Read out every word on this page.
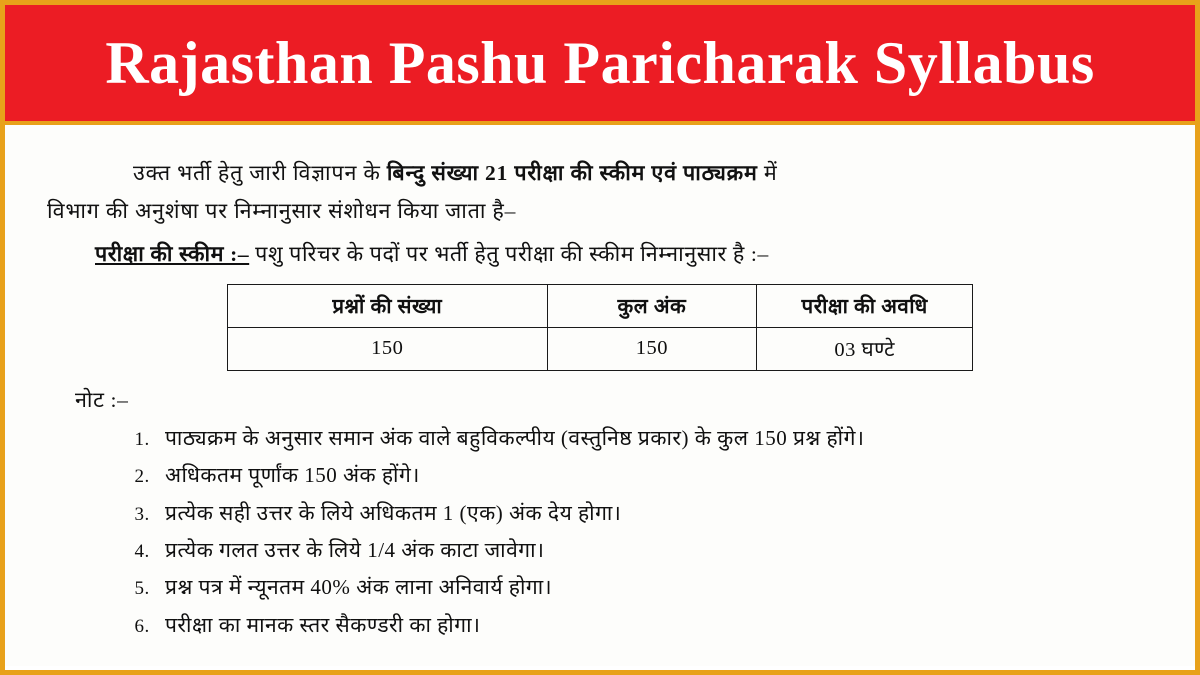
Rajasthan Pashu Paricharak Syllabus
उक्त भर्ती हेतु जारी विज्ञापन के बिन्दु संख्या 21 परीक्षा की स्कीम एवं पाठ्यक्रम में
विभाग की अनुशंषा पर निम्नानुसार संशोधन किया जाता है–
परीक्षा की स्कीम :– पशु परिचर के पदों पर भर्ती हेतु परीक्षा की स्कीम निम्नानुसार है :–
प्रश्नों की संख्या	कुल अंक	परीक्षा की अवधि
150	150	03 घण्टे
नोट :–
1. पाठ्यक्रम के अनुसार समान अंक वाले बहुविकल्पीय (वस्तुनिष्ठ प्रकार) के कुल 150 प्रश्न होंगे।
2. अधिकतम पूर्णांक 150 अंक होंगे।
3. प्रत्येक सही उत्तर के लिये अधिकतम 1 (एक) अंक देय होगा।
4. प्रत्येक गलत उत्तर के लिये 1/4 अंक काटा जावेगा।
5. प्रश्न पत्र में न्यूनतम 40% अंक लाना अनिवार्य होगा।
6. परीक्षा का मानक स्तर सैकण्डरी का होगा।
